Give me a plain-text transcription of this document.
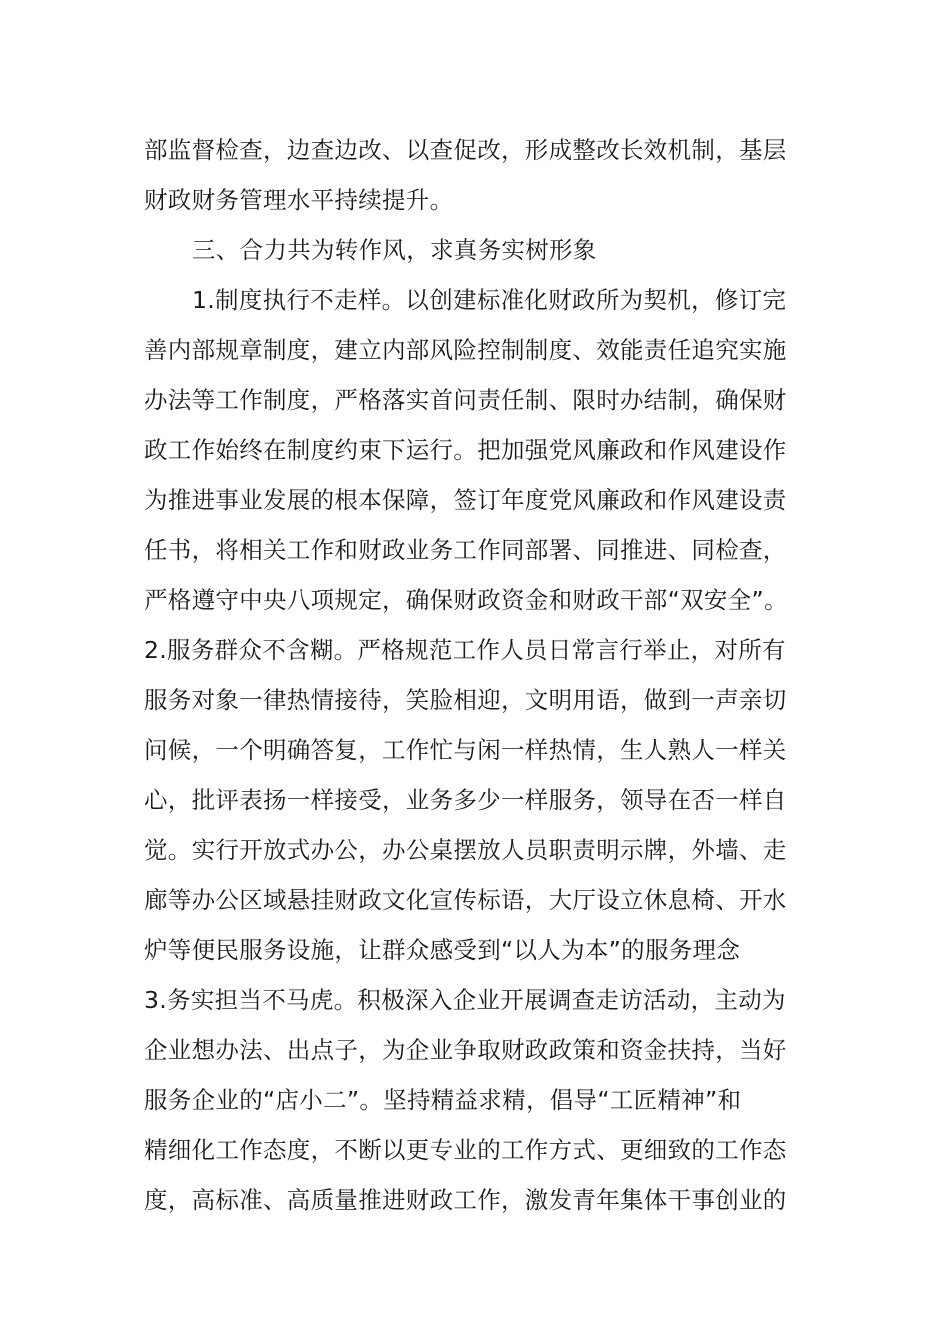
部监督检查，边查边改、以查促改，形成整改长效机制，基层
财政财务管理水平持续提升。
三、合力共为转作风，求真务实树形象
1.制度执行不走样。以创建标准化财政所为契机，修订完
善内部规章制度，建立内部风险控制制度、效能责任追究实施
办法等工作制度，严格落实首问责任制、限时办结制，确保财
政工作始终在制度约束下运行。把加强党风廉政和作风建设作
为推进事业发展的根本保障，签订年度党风廉政和作风建设责
任书，将相关工作和财政业务工作同部署、同推进、同检查，
严格遵守中央八项规定，确保财政资金和财政干部“双安全”。
2.服务群众不含糊。严格规范工作人员日常言行举止，对所有
服务对象一律热情接待，笑脸相迎，文明用语，做到一声亲切
问候，一个明确答复，工作忙与闲一样热情，生人熟人一样关
心，批评表扬一样接受，业务多少一样服务，领导在否一样自
觉。实行开放式办公，办公桌摆放人员职责明示牌，外墙、走
廊等办公区域悬挂财政文化宣传标语，大厅设立休息椅、开水
炉等便民服务设施，让群众感受到“以人为本”的服务理念
3.务实担当不马虎。积极深入企业开展调查走访活动，主动为
企业想办法、出点子，为企业争取财政政策和资金扶持，当好
服务企业的“店小二”。坚持精益求精，倡导“工匠精神”和
精细化工作态度，不断以更专业的工作方式、更细致的工作态
度，高标准、高质量推进财政工作，激发青年集体干事创业的
